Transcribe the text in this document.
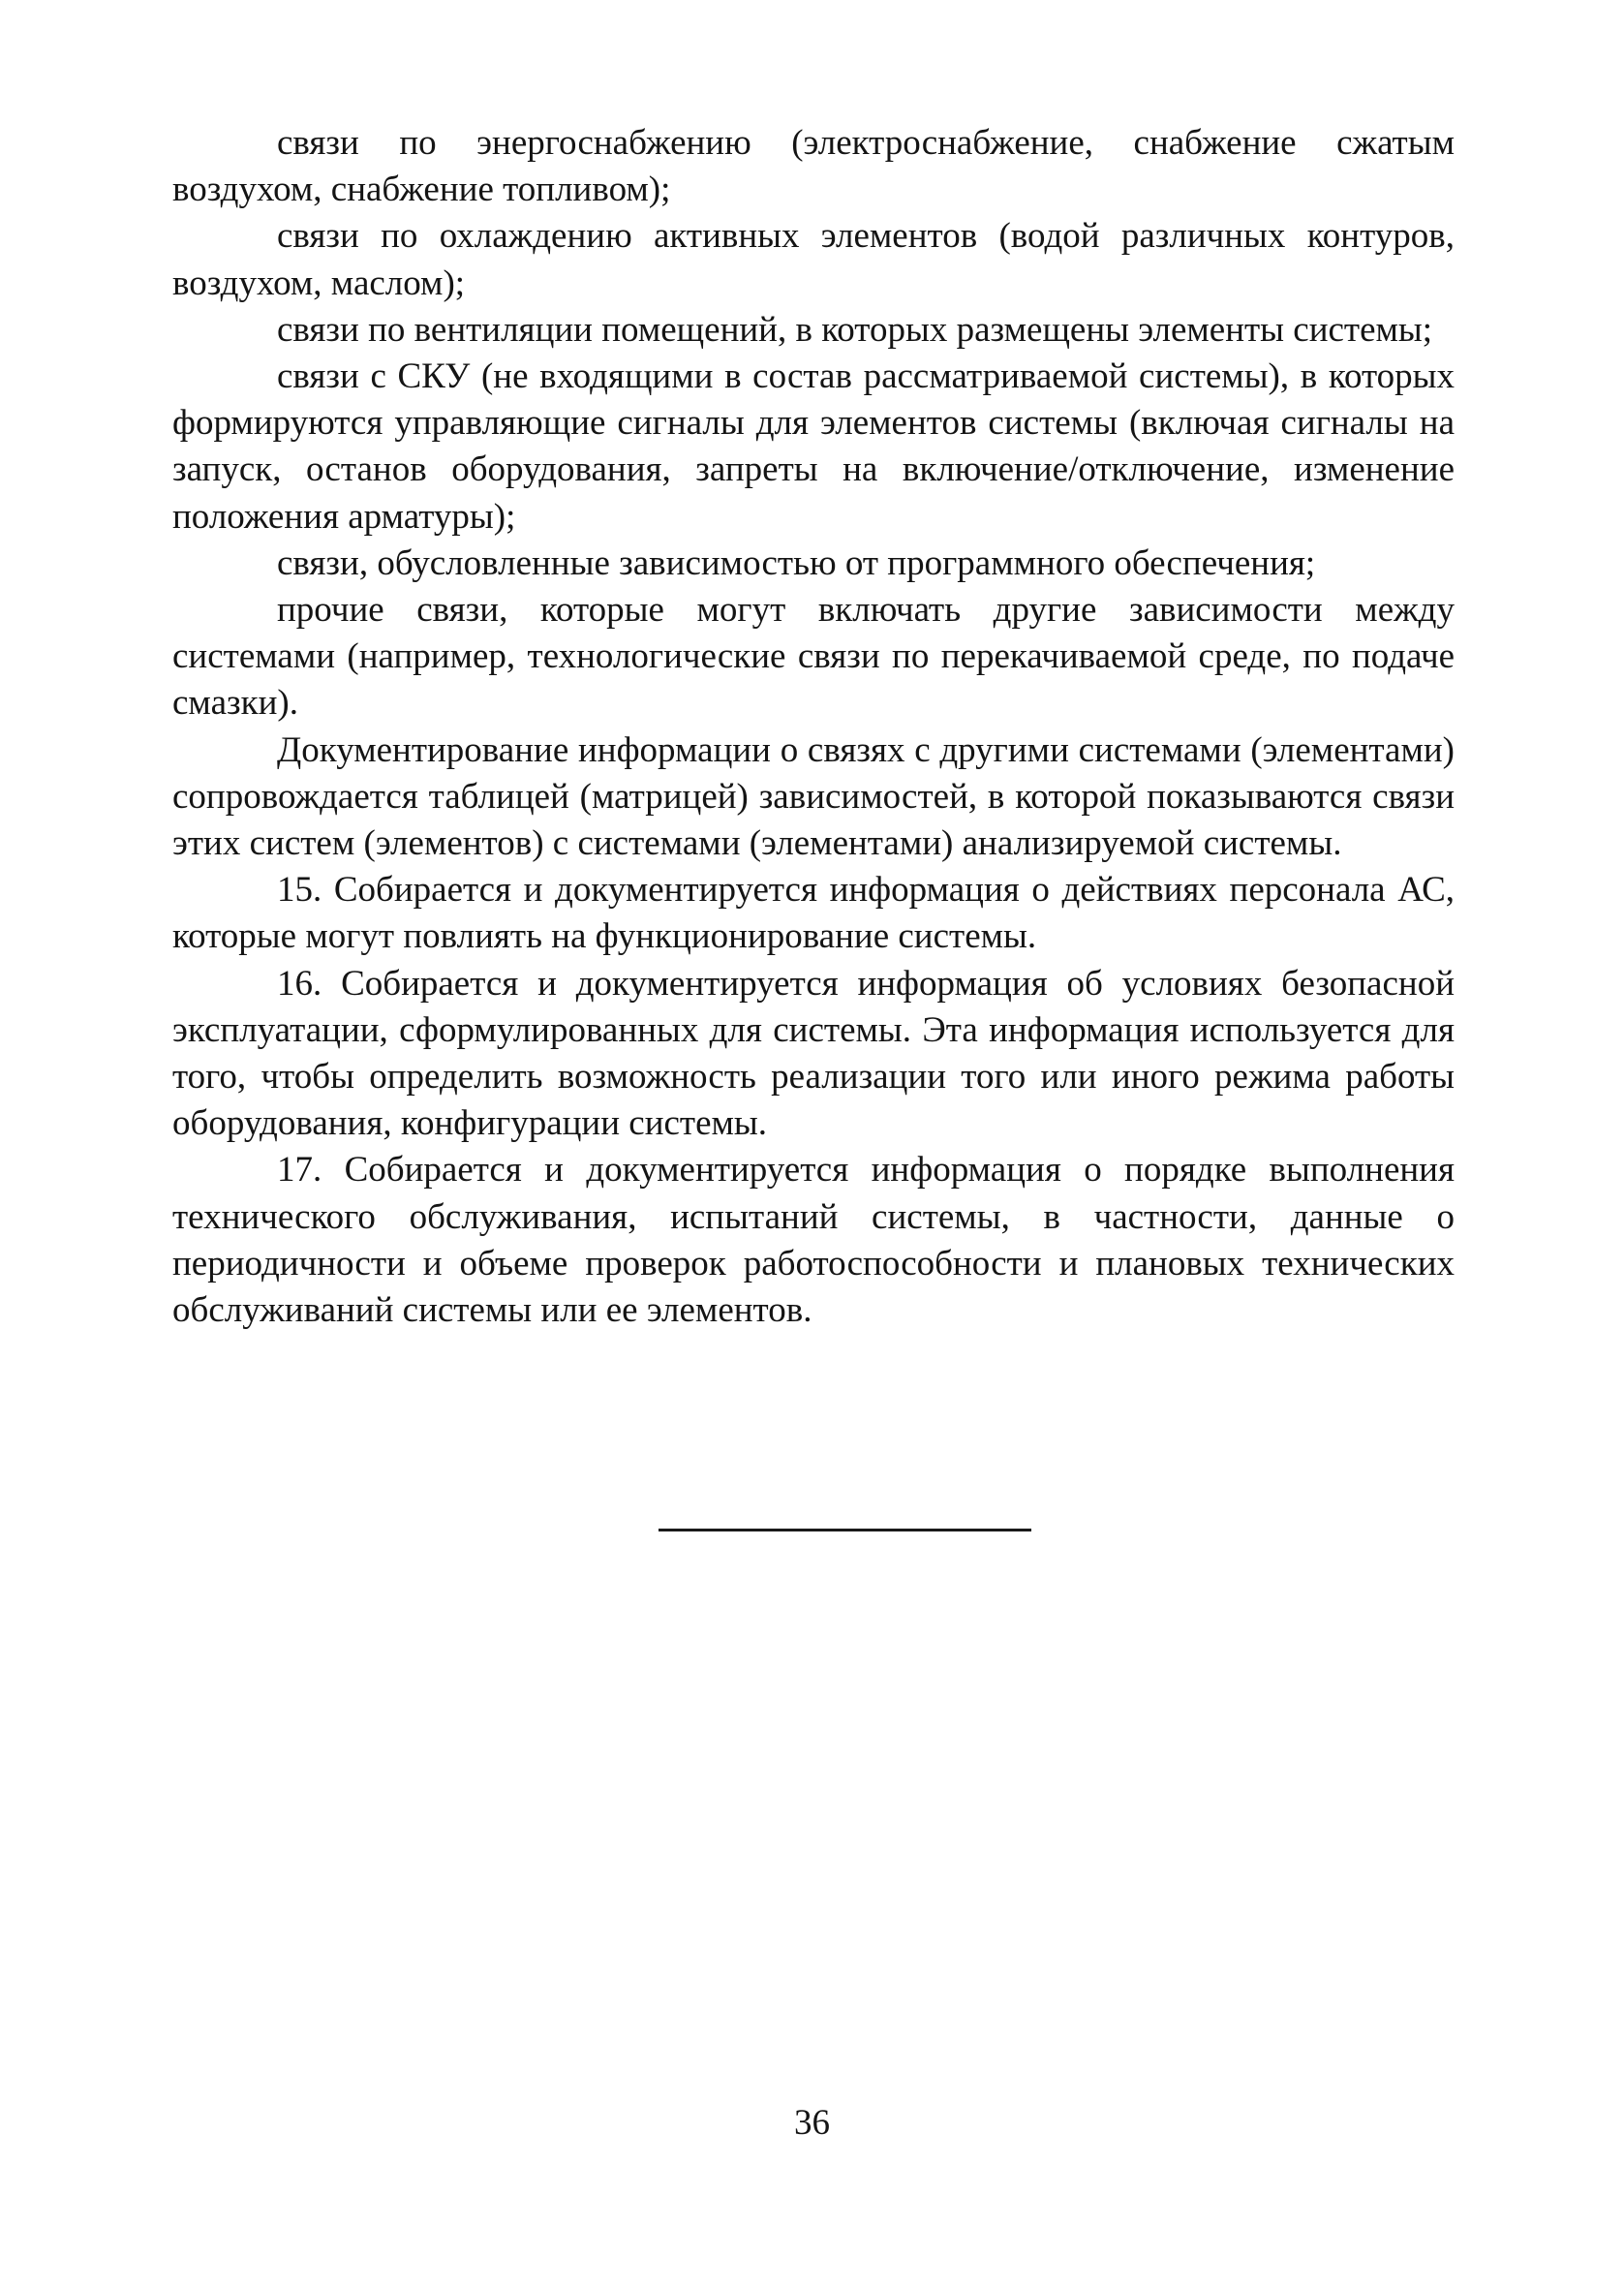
связи по энергоснабжению (электроснабжение, снабжение сжатым воздухом, снабжение топливом);

связи по охлаждению активных элементов (водой различных контуров, воздухом, маслом);

связи по вентиляции помещений, в которых размещены элементы системы;

связи с СКУ (не входящими в состав рассматриваемой системы), в которых формируются управляющие сигналы для элементов системы (включая сигналы на запуск, останов оборудования, запреты на включение/отключение, изменение положения арматуры);

связи, обусловленные зависимостью от программного обеспечения;

прочие связи, которые могут включать другие зависимости между системами (например, технологические связи по перекачиваемой среде, по подаче смазки).

Документирование информации о связях с другими системами (элементами) сопровождается таблицей (матрицей) зависимостей, в которой показываются связи этих систем (элементов) с системами (элементами) анализируемой системы.

15. Собирается и документируется информация о действиях персонала АС, которые могут повлиять на функционирование системы.

16. Собирается и документируется информация об условиях безопасной эксплуатации, сформулированных для системы. Эта информация используется для того, чтобы определить возможность реализации того или иного режима работы оборудования, конфигурации системы.

17. Собирается и документируется информация о порядке выполнения технического обслуживания, испытаний системы, в частности, данные о периодичности и объеме проверок работоспособности и плановых технических обслуживаний системы или ее элементов.

36
